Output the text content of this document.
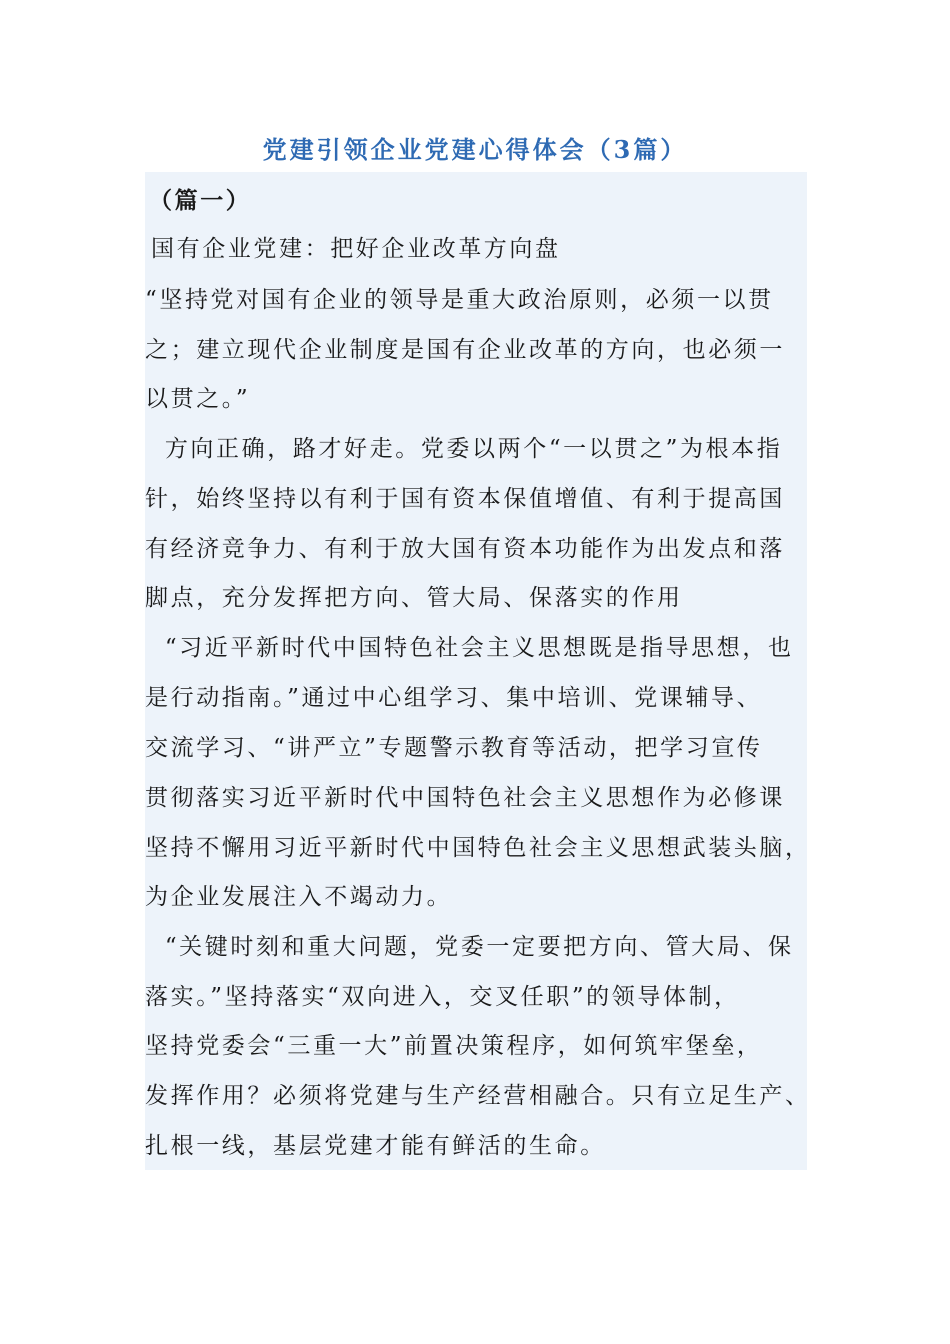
党建引领企业党建心得体会（3篇）
（篇一）
国有企业党建：把好企业改革方向盘
“坚持党对国有企业的领导是重大政治原则，必须一以贯
之；建立现代企业制度是国有企业改革的方向，也必须一
以贯之。”
方向正确，路才好走。党委以两个“一以贯之”为根本指
针，始终坚持以有利于国有资本保值增值、有利于提高国
有经济竞争力、有利于放大国有资本功能作为出发点和落
脚点，充分发挥把方向、管大局、保落实的作用
“习近平新时代中国特色社会主义思想既是指导思想，也
是行动指南。”通过中心组学习、集中培训、党课辅导、
交流学习、“讲严立”专题警示教育等活动，把学习宣传
贯彻落实习近平新时代中国特色社会主义思想作为必修课
坚持不懈用习近平新时代中国特色社会主义思想武装头脑，
为企业发展注入不竭动力。
“关键时刻和重大问题，党委一定要把方向、管大局、保
落实。”坚持落实“双向进入，交叉任职”的领导体制，
坚持党委会“三重一大”前置决策程序，如何筑牢堡垒，
发挥作用？必须将党建与生产经营相融合。只有立足生产、
扎根一线，基层党建才能有鲜活的生命。
